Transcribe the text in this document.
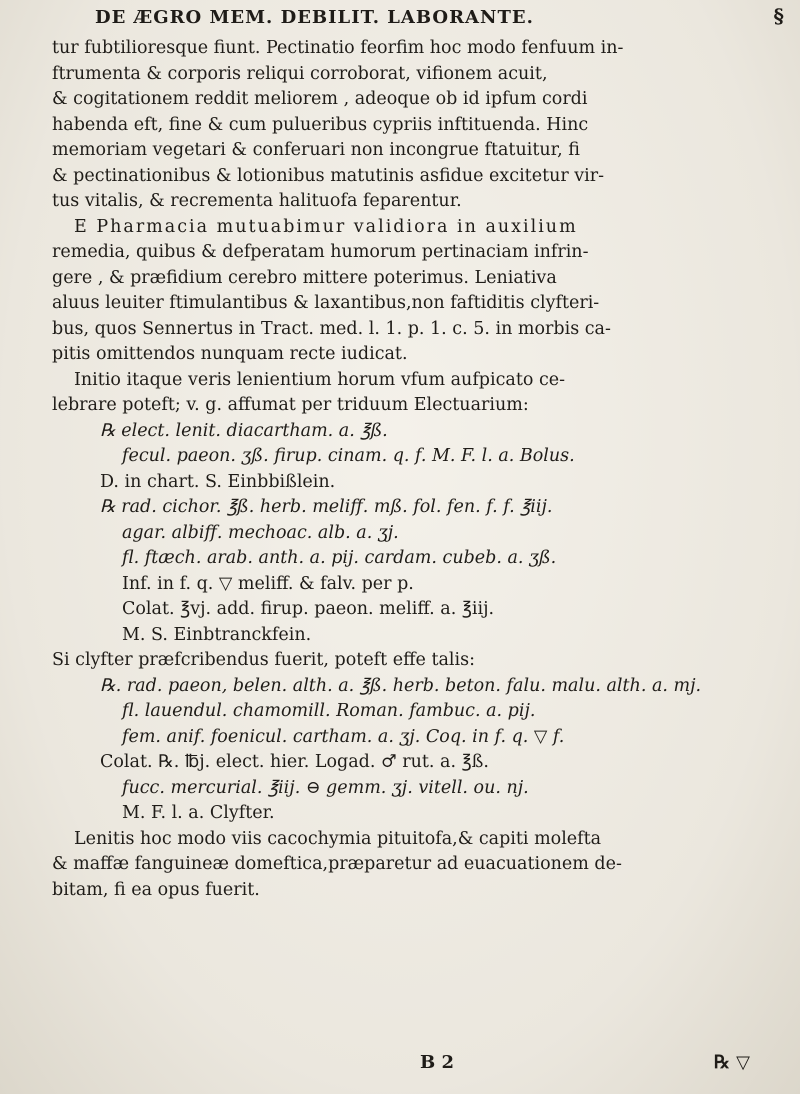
DE ÆGRO MEM. DEBILIT. LABORANTE.	§
tur fubtilioresque fiunt. Pectinatio feorfim hoc modo fenfuum in-
ftrumenta & corporis reliqui corroborat, vifionem acuit,
& cogitationem reddit meliorem , adeoque ob id ipfum cordi
habenda eft, fine & cum pulueribus cypriis inftituenda. Hinc
memoriam vegetari & conferuari non incongrue ftatuitur, fi
& pectinationibus & lotionibus matutinis asfidue excitetur vir-
tus vitalis, & recrementa halituofa feparentur.
E Pharmacia mutuabimur validiora in auxilium
remedia, quibus & defperatam humorum pertinaciam infrin-
gere , & præfidium cerebro mittere poterimus. Leniativa
aluus leuiter ftimulantibus & laxantibus,non faftiditis clyfteri-
bus, quos Sennertus in Tract. med. l. 1. p. 1. c. 5. in morbis ca-
pitis omittendos nunquam recte iudicat.
Initio itaque veris lenientium horum vfum aufpicato ce-
lebrare poteft; v. g. affumat per triduum Electuarium:
℞ elect. lenit. diacartham. a. ℥ß.
fecul. paeon. ʒß. firup. cinam. q. f. M. F. l. a. Bolus.
D. in chart. S. Einbbißlein.
℞ rad. cichor. ℥ß. herb. meliff. mß. fol. fen. f. f. ℥iij.
agar. albiff. mechoac. alb. a. ʒj.
fl. ftæch. arab. anth. a. pij. cardam. cubeb. a. ʒß.
Inf. in f. q. ▽ meliff. & falv. per p.
Colat. ℥vj. add. firup. paeon. meliff. a. ℥iij.
M. S. Einbtranckfein.
Si clyfter præfcribendus fuerit, poteft effe talis:
℞. rad. paeon, belen. alth. a. ℥ß. herb. beton. falu. malu. alth. a. mj.
fl. lauendul. chamomill. Roman. fambuc. a. pij.
fem. anif. foenicul. cartham. a. ʒj. Coq. in f. q. ▽ f.
Colat. ℞. ℔j. elect. hier. Logad. ♂ rut. a. ℥ß.
fucc. mercurial. ℥iij. ⊖ gemm. ʒj. vitell. ou. nj.
M. F. l. a. Clyfter.
Lenitis hoc modo viis cacochymia pituitofa,& capiti molefta
& maffæ fanguineæ domeftica,præparetur ad euacuationem de-
bitam, fi ea opus fuerit.
B 2	℞ ▽
